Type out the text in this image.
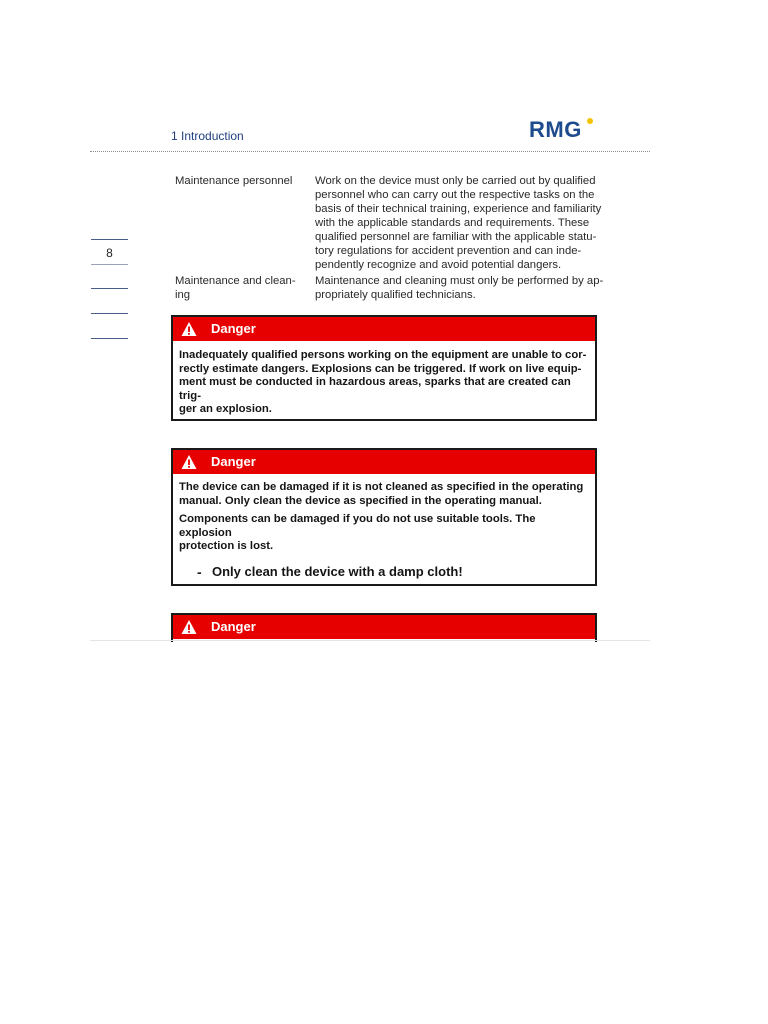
1 Introduction	RMG
8
Maintenance personnel	Work on the device must only be carried out by qualified
personnel who can carry out the respective tasks on the
basis of their technical training, experience and familiarity
with the applicable standards and requirements. These
qualified personnel are familiar with the applicable statu-
tory regulations for accident prevention and can inde-
pendently recognize and avoid potential dangers.
Maintenance and clean-
ing
Maintenance and cleaning must only be performed by ap-
propriately qualified technicians.
Danger
Inadequately qualified persons working on the equipment are unable to cor-
rectly estimate dangers. Explosions can be triggered. If work on live equip-
ment must be conducted in hazardous areas, sparks that are created can trig-
ger an explosion.
Danger
The device can be damaged if it is not cleaned as specified in the operating
manual. Only clean the device as specified in the operating manual.
Components can be damaged if you do not use suitable tools. The explosion
protection is lost.
- Only clean the device with a damp cloth!
Danger
